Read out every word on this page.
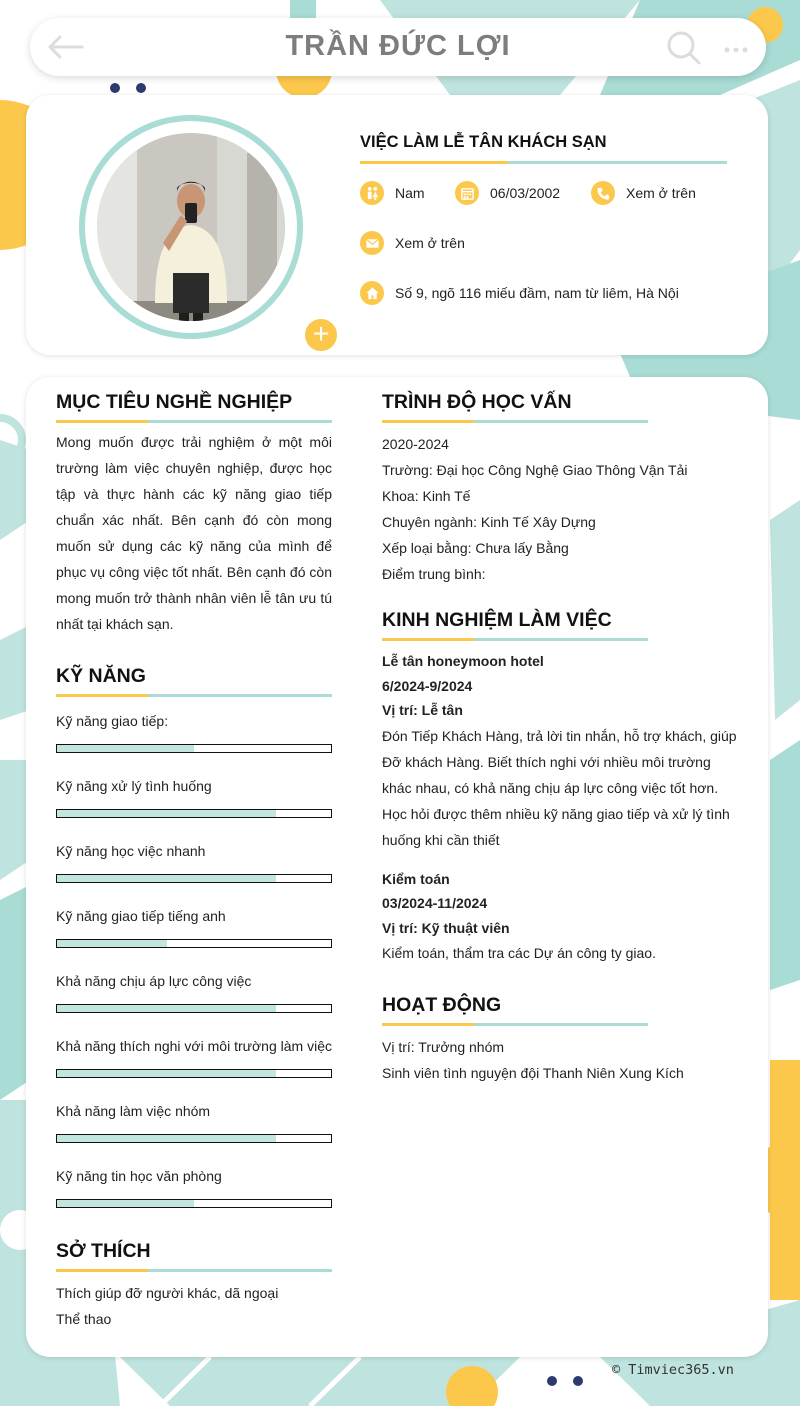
TRẦN ĐỨC LỢI
+
VIỆC LÀM LỄ TÂN KHÁCH SẠN
Nam	06/03/2002	Xem ở trên
Xem ở trên
Số 9, ngõ 116 miếu đầm, nam từ liêm, Hà Nội
MỤC TIÊU NGHỀ NGHIỆP
Mong muốn được trải nghiệm ở một môi trường làm việc chuyên nghiệp, được học tập và thực hành các kỹ năng giao tiếp chuẩn xác nhất. Bên cạnh đó còn mong muốn sử dụng các kỹ năng của mình để phục vụ công việc tốt nhất. Bên cạnh đó còn mong muốn trở thành nhân viên lễ tân ưu tú nhất tại khách sạn.
KỸ NĂNG
Kỹ năng giao tiếp:
Kỹ năng xử lý tình huống
Kỹ năng học việc nhanh
Kỹ năng giao tiếp tiếng anh
Khả năng chịu áp lực công việc
Khả năng thích nghi với môi trường làm việc
Khả năng làm việc nhóm
Kỹ năng tin học văn phòng
SỞ THÍCH
Thích giúp đỡ người khác, dã ngoại
Thể thao
TRÌNH ĐỘ HỌC VẤN
2020-2024
Trường: Đại học Công Nghệ Giao Thông Vận Tải
Khoa: Kinh Tế
Chuyên ngành: Kinh Tế Xây Dựng
Xếp loại bằng: Chưa lấy Bằng
Điểm trung bình:
KINH NGHIỆM LÀM VIỆC
Lễ tân honeymoon hotel
6/2024-9/2024
Vị trí: Lễ tân
Đón Tiếp Khách Hàng, trả lời tin nhắn, hỗ trợ khách, giúp Đỡ khách Hàng. Biết thích nghi với nhiều môi trường khác nhau, có khả năng chịu áp lực công việc tốt hơn. Học hỏi được thêm nhiều kỹ năng giao tiếp và xử lý tình huống khi cần thiết
Kiểm toán
03/2024-11/2024
Vị trí: Kỹ thuật viên
Kiểm toán, thẩm tra các Dự án công ty giao.
HOẠT ĐỘNG
Vị trí: Trưởng nhóm
Sinh viên tình nguyện đội Thanh Niên Xung Kích
© Timviec365.vn
